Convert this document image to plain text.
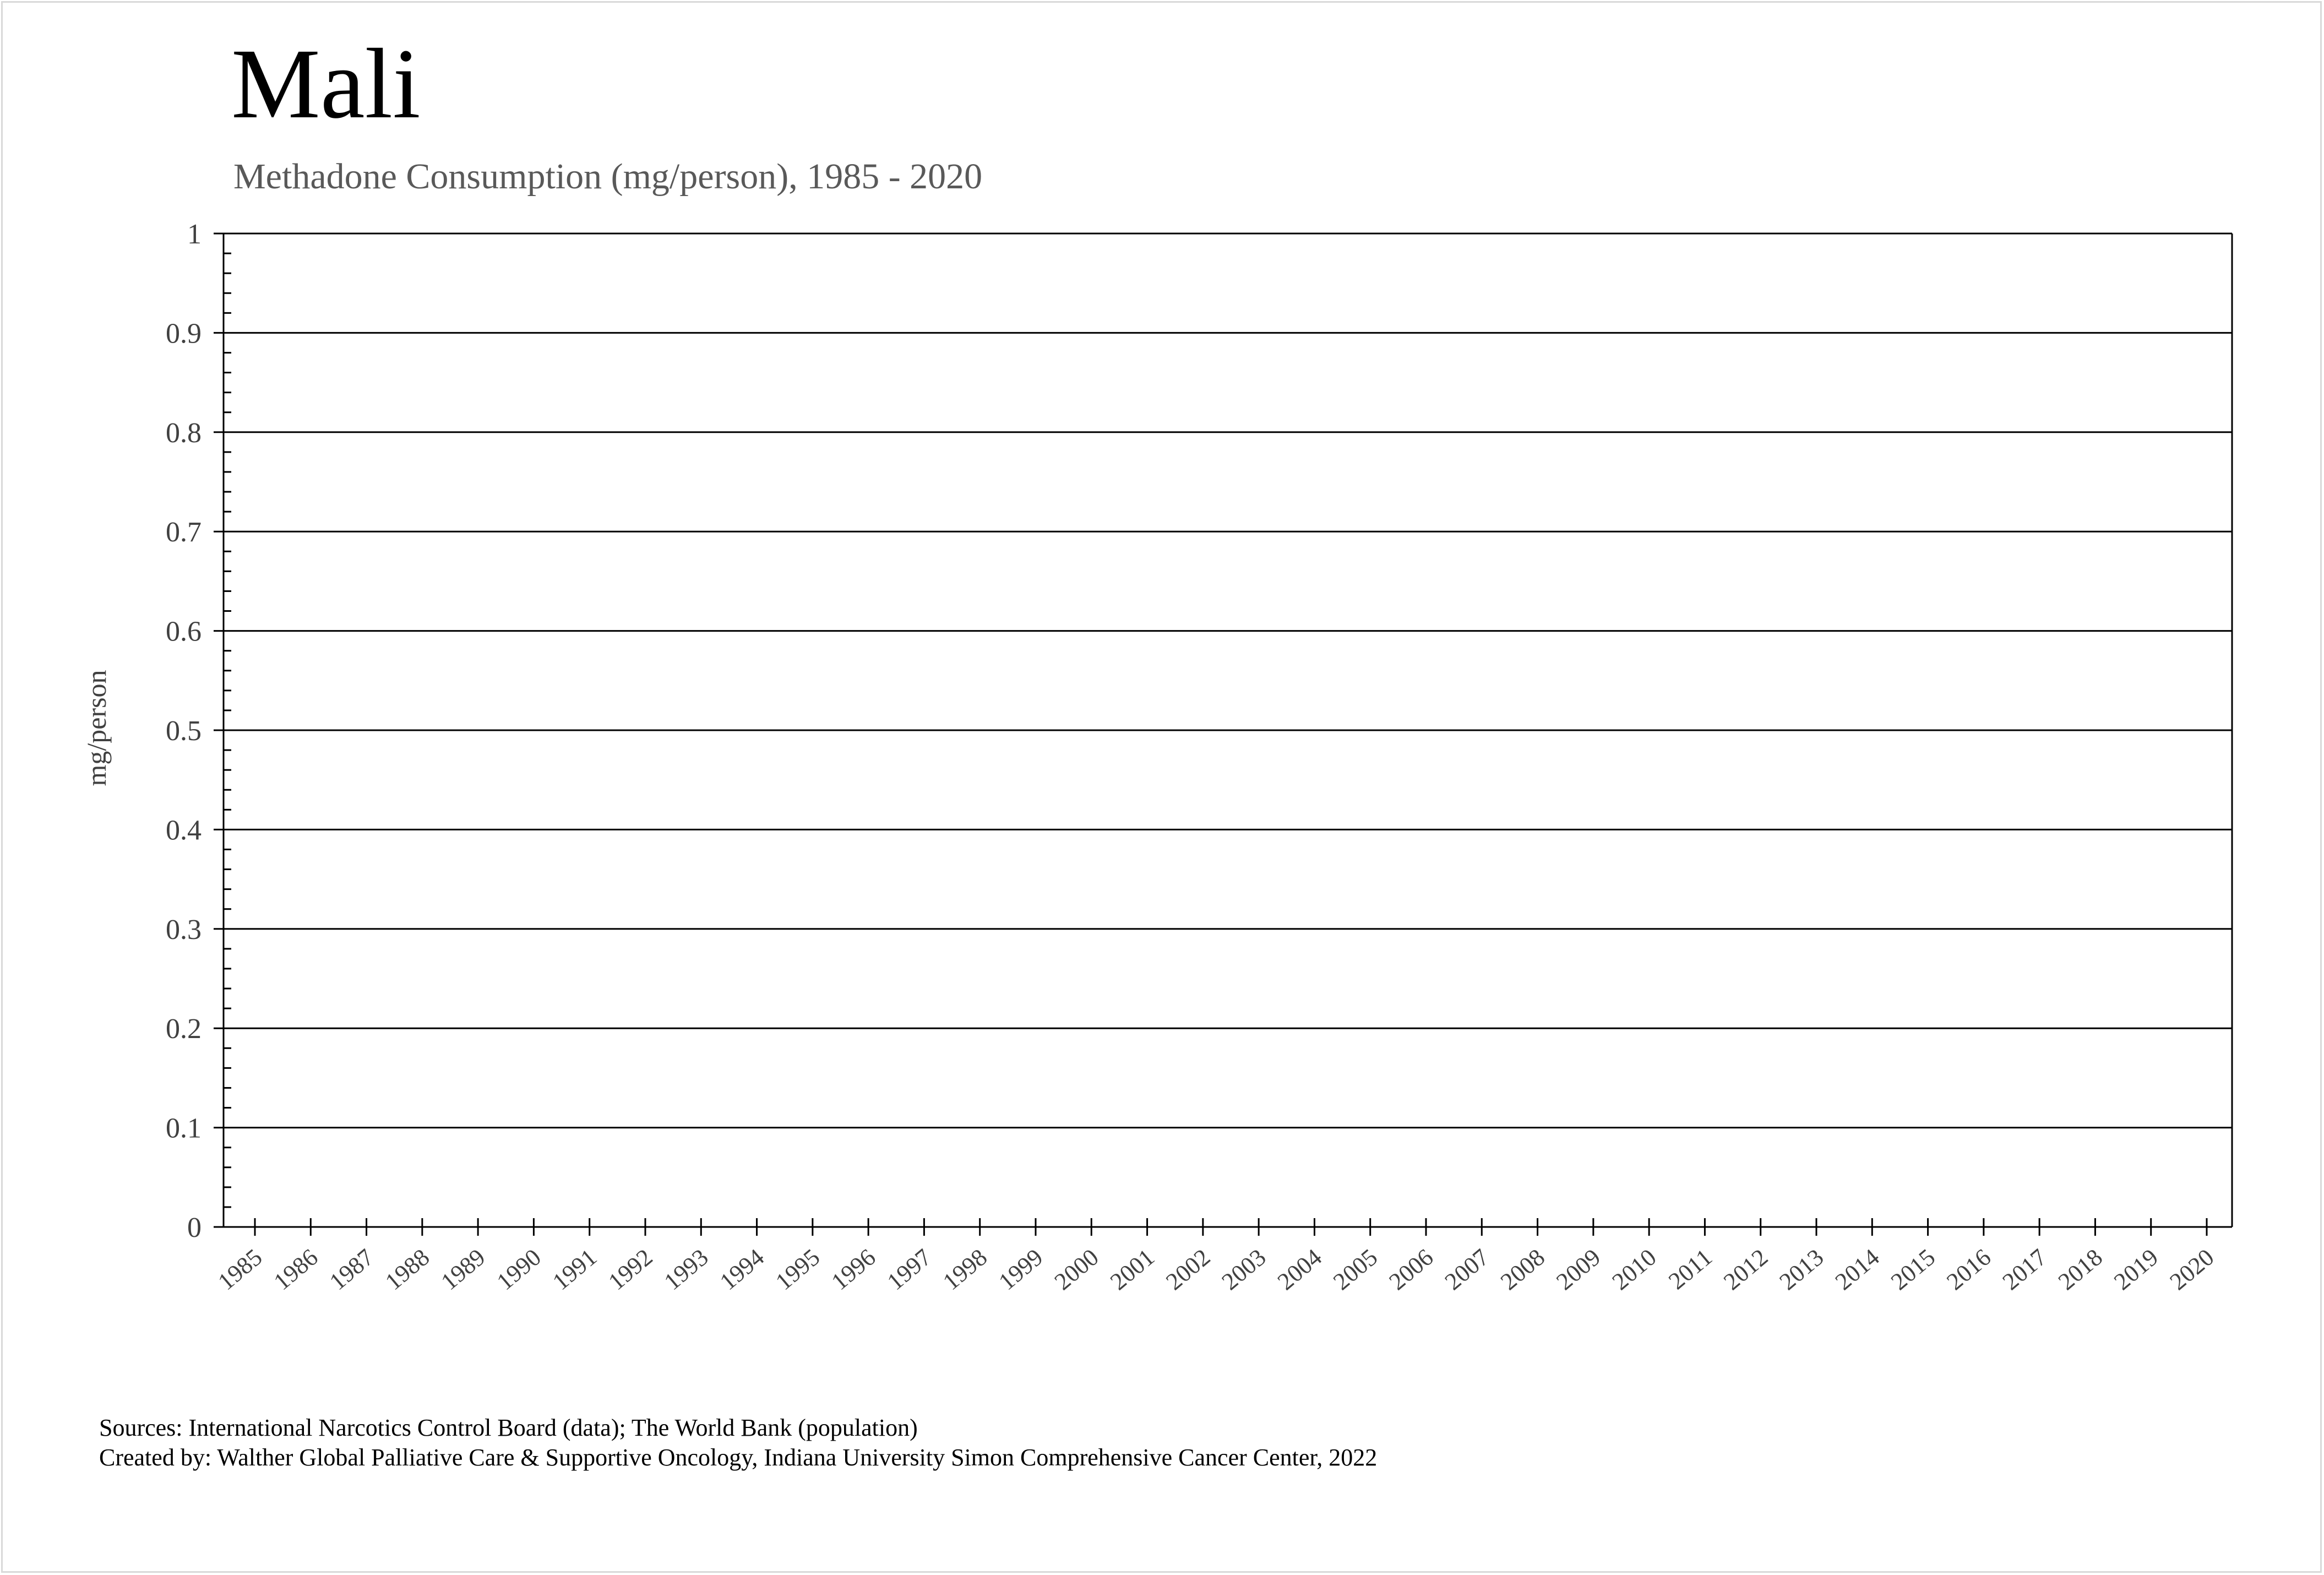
Mali
Methadone Consumption (mg/person), 1985 - 2020
mg/person
0
0.1
0.2
0.3
0.4
0.5
0.6
0.7
0.8
0.9
1
1985 1986 1987 1988 1989 1990 1991 1992 1993 1994 1995 1996 1997 1998 1999 2000 2001 2002 2003 2004 2005 2006 2007 2008 2009 2010 2011 2012 2013 2014 2015 2016 2017 2018 2019 2020
Sources: International Narcotics Control Board (data); The World Bank (population)
Created by: Walther Global Palliative Care & Supportive Oncology, Indiana University Simon Comprehensive Cancer Center, 2022
